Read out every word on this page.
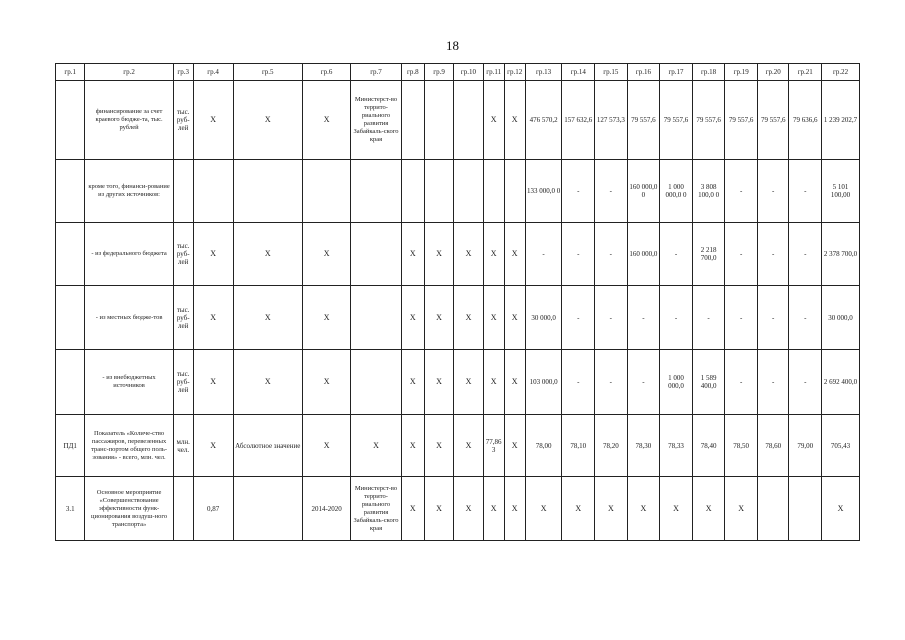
18
гр.1	гр.2	гр.3	гр.4	гр.5	гр.6	гр.7	гр.8	гр.9	гр.10	гр.11	гр.12	гр.13	гр.14	гр.15	гр.16	гр.17	гр.18	гр.19	гр.20	гр.21	гр.22
	финансирование за счет краевого бюдже-та, тыс. рублей	тыс. руб-лей	X	X	X	Министерст-во террито-риального развития Забайкаль-ского края				X	X	476 570,2	157 632,6	127 573,3	79 557,6	79 557,6	79 557,6	79 557,6	79 557,6	79 636,6	1 239 202,7
	кроме того, финанси-рование из других источников:											133 000,0 0	-	-	160 000,0 0	1 000 000,0 0	3 808 100,0 0	-	-	-	5 101 100,00
	- из федерального бюджета	тыс. руб-лей	X	X	X		X	X	X	X	X	-	-	-	160 000,0	-	2 218 700,0	-	-	-	2 378 700,0
	- из местных бюдже-тов	тыс. руб-лей	X	X	X		X	X	X	X	X	30 000,0	-	-	-	-	-	-	-	-	30 000,0
	- из внебюджетных источников	тыс. руб-лей	X	X	X		X	X	X	X	X	103 000,0	-	-	-	1 000 000,0	1 589 400,0	-	-	-	2 692 400,0
ПД1	Показатель «Количе-ство пассажиров, перевезенных транс-портом общего поль-зования» - всего, млн. чел.	млн. чел.	X	Абсолютное значение	X	X	X	X	X	77,86 3	X	78,00	78,10	78,20	78,30	78,33	78,40	78,50	78,60	79,00	705,43
3.1	Основное мероприятие «Совершенствование эффективности функ-ционирования воздуш-ного транспорта»		0,87		2014-2020	Министерст-во террито-риального развития Забайкаль-ского края	X	X	X	X	X	X	X	X	X	X	X	X			X
